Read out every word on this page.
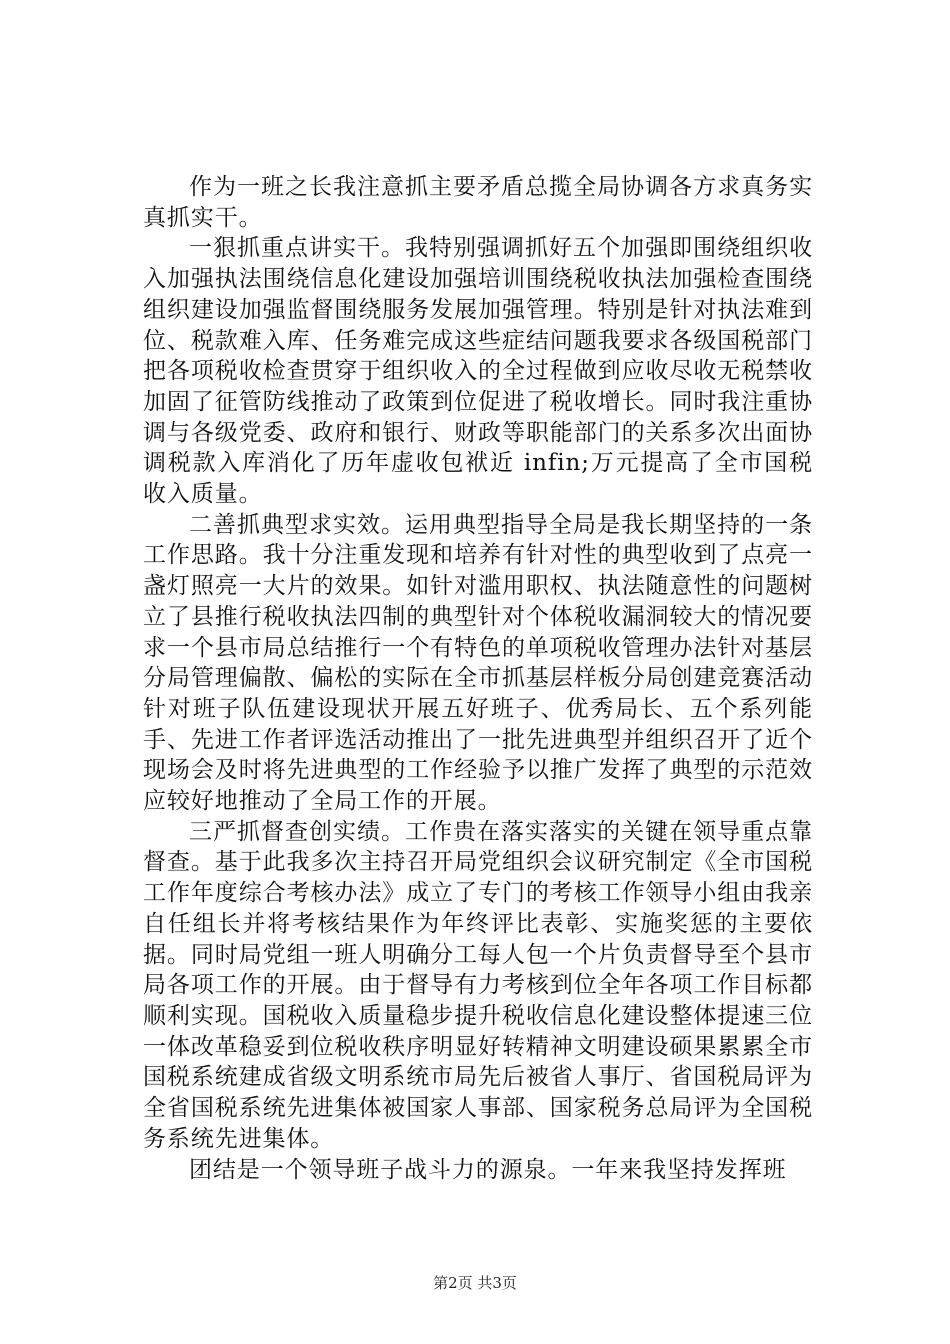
作为一班之长我注意抓主要矛盾总揽全局协调各方求真务实真抓实干。

一狠抓重点讲实干。我特别强调抓好五个加强即围绕组织收入加强执法围绕信息化建设加强培训围绕税收执法加强检查围绕组织建设加强监督围绕服务发展加强管理。特别是针对执法难到位、税款难入库、任务难完成这些症结问题我要求各级国税部门把各项税收检查贯穿于组织收入的全过程做到应收尽收无税禁收加固了征管防线推动了政策到位促进了税收增长。同时我注重协调与各级党委、政府和银行、财政等职能部门的关系多次出面协调税款入库消化了历年虚收包袱近 infin;万元提高了全市国税收入质量。

二善抓典型求实效。运用典型指导全局是我长期坚持的一条工作思路。我十分注重发现和培养有针对性的典型收到了点亮一盏灯照亮一大片的效果。如针对滥用职权、执法随意性的问题树立了县推行税收执法四制的典型针对个体税收漏洞较大的情况要求一个县市局总结推行一个有特色的单项税收管理办法针对基层分局管理偏散、偏松的实际在全市抓基层样板分局创建竞赛活动针对班子队伍建设现状开展五好班子、优秀局长、五个系列能手、先进工作者评选活动推出了一批先进典型并组织召开了近个现场会及时将先进典型的工作经验予以推广发挥了典型的示范效应较好地推动了全局工作的开展。

三严抓督查创实绩。工作贵在落实落实的关键在领导重点靠督查。基于此我多次主持召开局党组织会议研究制定《全市国税工作年度综合考核办法》成立了专门的考核工作领导小组由我亲自任组长并将考核结果作为年终评比表彰、实施奖惩的主要依据。同时局党组一班人明确分工每人包一个片负责督导至个县市局各项工作的开展。由于督导有力考核到位全年各项工作目标都顺利实现。国税收入质量稳步提升税收信息化建设整体提速三位一体改革稳妥到位税收秩序明显好转精神文明建设硕果累累全市国税系统建成省级文明系统市局先后被省人事厅、省国税局评为全省国税系统先进集体被国家人事部、国家税务总局评为全国税务系统先进集体。

团结是一个领导班子战斗力的源泉。一年来我坚持发挥班

第2页 共3页
